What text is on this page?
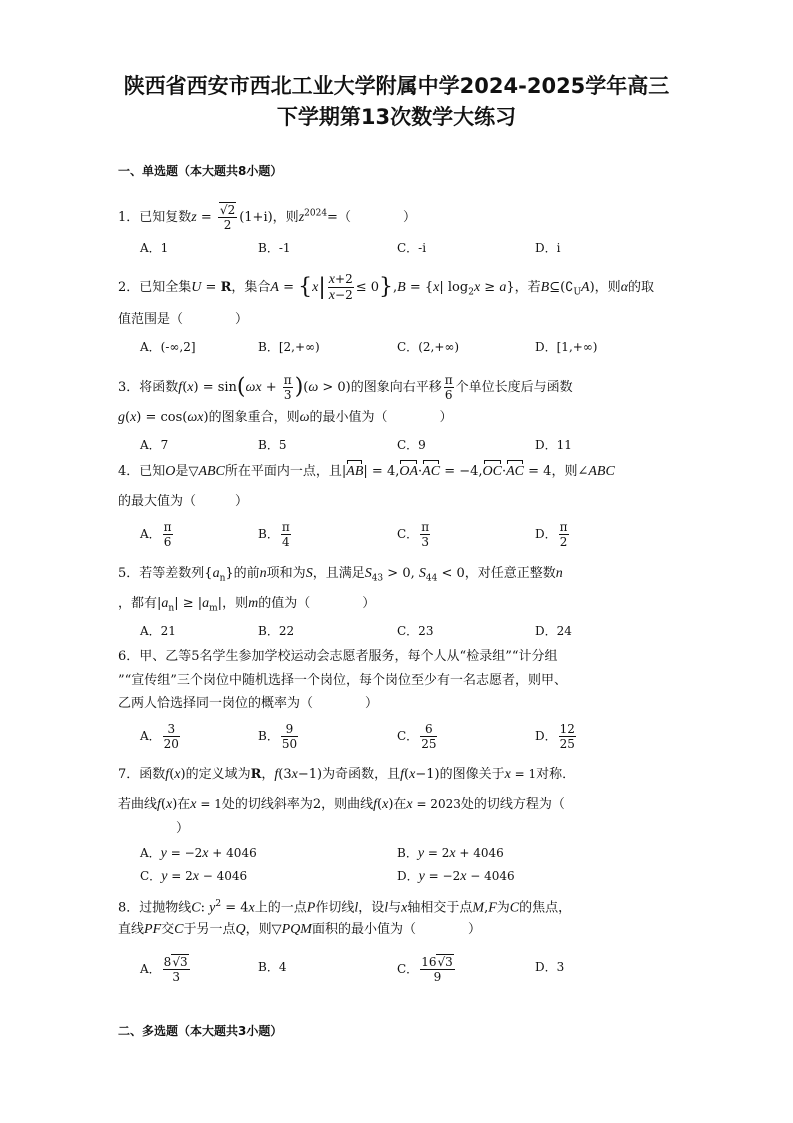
陕西省西安市西北工业大学附属中学2024-2025学年高三
下学期第13次数学大练习
一、单选题（本大题共8小题）
1．已知复数$z = \frac{√2}{2} (1+i)$，则$z^{2024}=$（　　　　）
A．1	B．-1	C．-i	D．i
2．已知全集U = R，集合$A = \{x| \frac{x+2}{x-2} \le 0\},B = \{x|$ $\log_2x \ge a$}，若$B⊆(∁_UA)$，则α的取
值范围是（　　　　）
A．(-∞,2]	B．[2,+∞)	C．(2,+∞)	D．[1,+∞)
3．将函数$f(x) = \sin(\omega x + \frac{\pi}{3} )(\omega > 0)$的图象向右平移 $\frac{\pi}{6}$ 个单位长度后与函数
g(x) = cos(ωx)的图象重合，则ω的最小值为（　　　　）
A．7	B．5	C．9	D．11
4．已知O是▽ABC所在平面内一点，且|AB| = 4,OA·AC = −4,OC·AC = 4，则∠ABC
的最大值为（　　　）
A． $\frac{\pi}{6}$	B． $\frac{\pi}{4}$	C． $\frac{\pi}{3}$	D． $\frac{\pi}{2}$
5．若等差数列$\{a_n\}$的前n项和为S，且满足$S_{43} > 0$, $S_{44} < 0$，对任意正整数n
，都有$|a_n| \ge |a_m|$，则m的值为（　　　　）
A．21	B．22	C．23	D．24
6．甲、乙等5名学生参加学校运动会志愿者服务，每个人从“检录组”“计分组
”“宣传组”三个岗位中随机选择一个岗位，每个岗位至少有一名志愿者，则甲、
乙两人恰选择同一岗位的概率为（　　　　）
A． $\frac{3}{20}$	B． $\frac{9}{50}$	C． $\frac{6}{25}$	D． $\frac{12}{25}$
7．函数f(x)的定义域为R，f(3x−1)为奇函数，且f(x−1)的图像关于x = 1对称．
若曲线f(x)在x = 1处的切线斜率为2，则曲线f(x)在x = 2023处的切线方程为（
）
A．y = −2x + 4046	B．y = 2x + 4046
C．y = 2x − 4046	D．y = −2x − 4046
8．过抛物线C: $y^2 = 4x$上的一点P作切线l，设l与x轴相交于点M,F为C的焦点，
直线PF交C于另一点Q，则▽PQM面积的最小值为（　　　　）
A． $\frac{8√3}{3}$	B．4	C． $\frac{16√3}{9}$	D．3
二、多选题（本大题共3小题）
